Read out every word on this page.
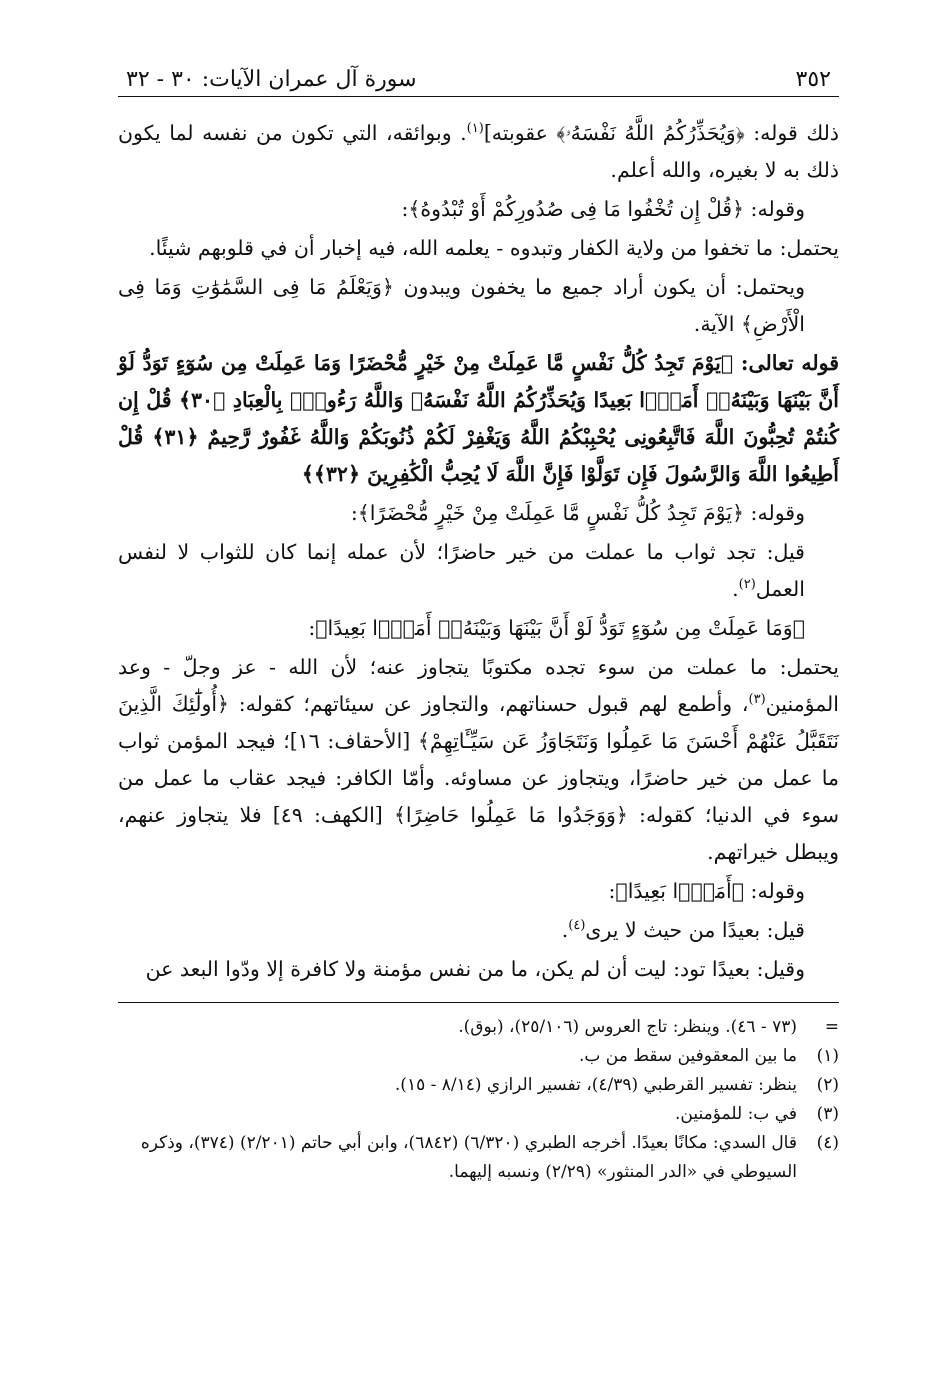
٣٥٢
سورة آل عمران الآيات: ٣٠ - ٣٢

ذلك قوله: ﴿وَيُحَذِّرُكُمُ اللَّهُ نَفْسَهُۥ﴾ عقوبته]$^{(١)}$. وبوائقه، التي تكون من نفسه لما يكون ذلك به لا بغيره، والله أعلم.

وقوله: ﴿قُلْ إِن تُخْفُوا مَا فِى صُدُورِكُمْ أَوْ تُبْدُوهُ﴾:

يحتمل: ما تخفوا من ولاية الكفار وتبدوه - يعلمه الله، فيه إخبار أن في قلوبهم شيئًا.

ويحتمل: أن يكون أراد جميع ما يخفون ويبدون ﴿وَيَعْلَمُ مَا فِى السَّمَٰوَٰتِ وَمَا فِى الْأَرْضِ﴾ الآية.

قوله تعالى: ﴿يَوْمَ تَجِدُ كُلُّ نَفْسٍ مَّا عَمِلَتْ مِنْ خَيْرٍ مُّحْضَرًا وَمَا عَمِلَتْ مِن سُوٓءٍ تَوَدُّ لَوْ أَنَّ بَيْنَهَا وَبَيْنَهُۥٓ أَمَدًۢا بَعِيدًا وَيُحَذِّرُكُمُ اللَّهُ نَفْسَهُۥ وَاللَّهُ رَءُوفٌۢ بِالْعِبَادِ ﴿٣٠﴾ قُلْ إِن كُنتُمْ تُحِبُّونَ اللَّهَ فَاتَّبِعُونِى يُحْبِبْكُمُ اللَّهُ وَيَغْفِرْ لَكُمْ ذُنُوبَكُمْ وَاللَّهُ غَفُورٌ رَّحِيمٌ ﴿٣١﴾ قُلْ أَطِيعُوا اللَّهَ وَالرَّسُولَ فَإِن تَوَلَّوْا فَإِنَّ اللَّهَ لَا يُحِبُّ الْكَٰفِرِينَ ﴿٣٢﴾﴾

وقوله: ﴿يَوْمَ تَجِدُ كُلُّ نَفْسٍ مَّا عَمِلَتْ مِنْ خَيْرٍ مُّحْضَرًا﴾:

قيل: تجد ثواب ما عملت من خير حاضرًا؛ لأن عمله إنما كان للثواب لا لنفس العمل$^{(٢)}$.

﴿وَمَا عَمِلَتْ مِن سُوٓءٍ تَوَدُّ لَوْ أَنَّ بَيْنَهَا وَبَيْنَهُۥٓ أَمَدًۢا بَعِيدًا﴾:

يحتمل: ما عملت من سوء تجده مكتوبًا يتجاوز عنه؛ لأن الله - عز وجلّ - وعد المؤمنين$^{(٣)}$، وأطمع لهم قبول حسناتهم، والتجاوز عن سيئاتهم؛ كقوله: ﴿أُولَٰٓئِكَ الَّذِينَ نَتَقَبَّلُ عَنْهُمْ أَحْسَنَ مَا عَمِلُوا وَنَتَجَاوَزُ عَن سَيِّـَٔاتِهِمْ﴾ [الأحقاف: ١٦]؛ فيجد المؤمن ثواب ما عمل من خير حاضرًا، ويتجاوز عن مساوئه. وأمّا الكافر: فيجد عقاب ما عمل من سوء في الدنيا؛ كقوله: ﴿وَوَجَدُوا مَا عَمِلُوا حَاضِرًا﴾ [الكهف: ٤٩] فلا يتجاوز عنهم، ويبطل خيراتهم.

وقوله: ﴿أَمَدًۢا بَعِيدًا﴾:

قيل: بعيدًا من حيث لا يرى$^{(٤)}$.

وقيل: بعيدًا تود: ليت أن لم يكن، ما من نفس مؤمنة ولا كافرة إلا ودّوا البعد عن

=
(٧٣ - ٤٦). وينظر: تاج العروس (٢٥/١٠٦)، (بوق).
(١)
ما بين المعقوفين سقط من ب.
(٢)
ينظر: تفسير القرطبي (٤/٣٩)، تفسير الرازي (٨/١٤ - ١٥).
(٣)
في ب: للمؤمنين.
(٤)
قال السدي: مكانًا بعيدًا. أخرجه الطبري (٦/٣٢٠) (٦٨٤٢)، وابن أبي حاتم (٢/٢٠١) (٣٧٤)، وذكره السيوطي في «الدر المنثور» (٢/٢٩) ونسبه إليهما.
